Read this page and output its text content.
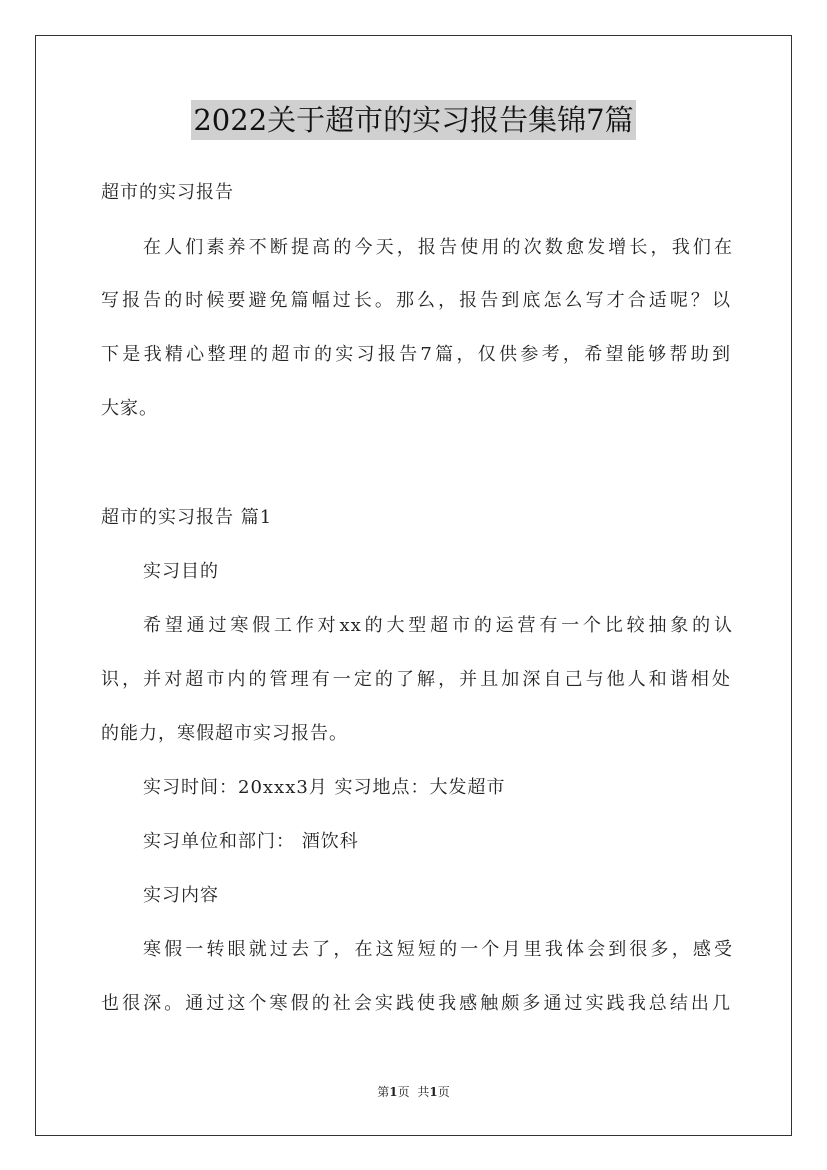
2022关于超市的实习报告集锦7篇
超市的实习报告
在人们素养不断提高的今天，报告使用的次数愈发增长，我们在
写报告的时候要避免篇幅过长。那么，报告到底怎么写才合适呢？以
下是我精心整理的超市的实习报告7篇，仅供参考，希望能够帮助到
大家。
超市的实习报告 篇1
实习目的
希望通过寒假工作对xx的大型超市的运营有一个比较抽象的认
识，并对超市内的管理有一定的了解，并且加深自己与他人和谐相处
的能力，寒假超市实习报告。
实习时间：20xxx3月 实习地点：大发超市
实习单位和部门： 酒饮科
实习内容
寒假一转眼就过去了，在这短短的一个月里我体会到很多，感受
也很深。通过这个寒假的社会实践使我感触颇多通过实践我总结出几
第1页 共1页
